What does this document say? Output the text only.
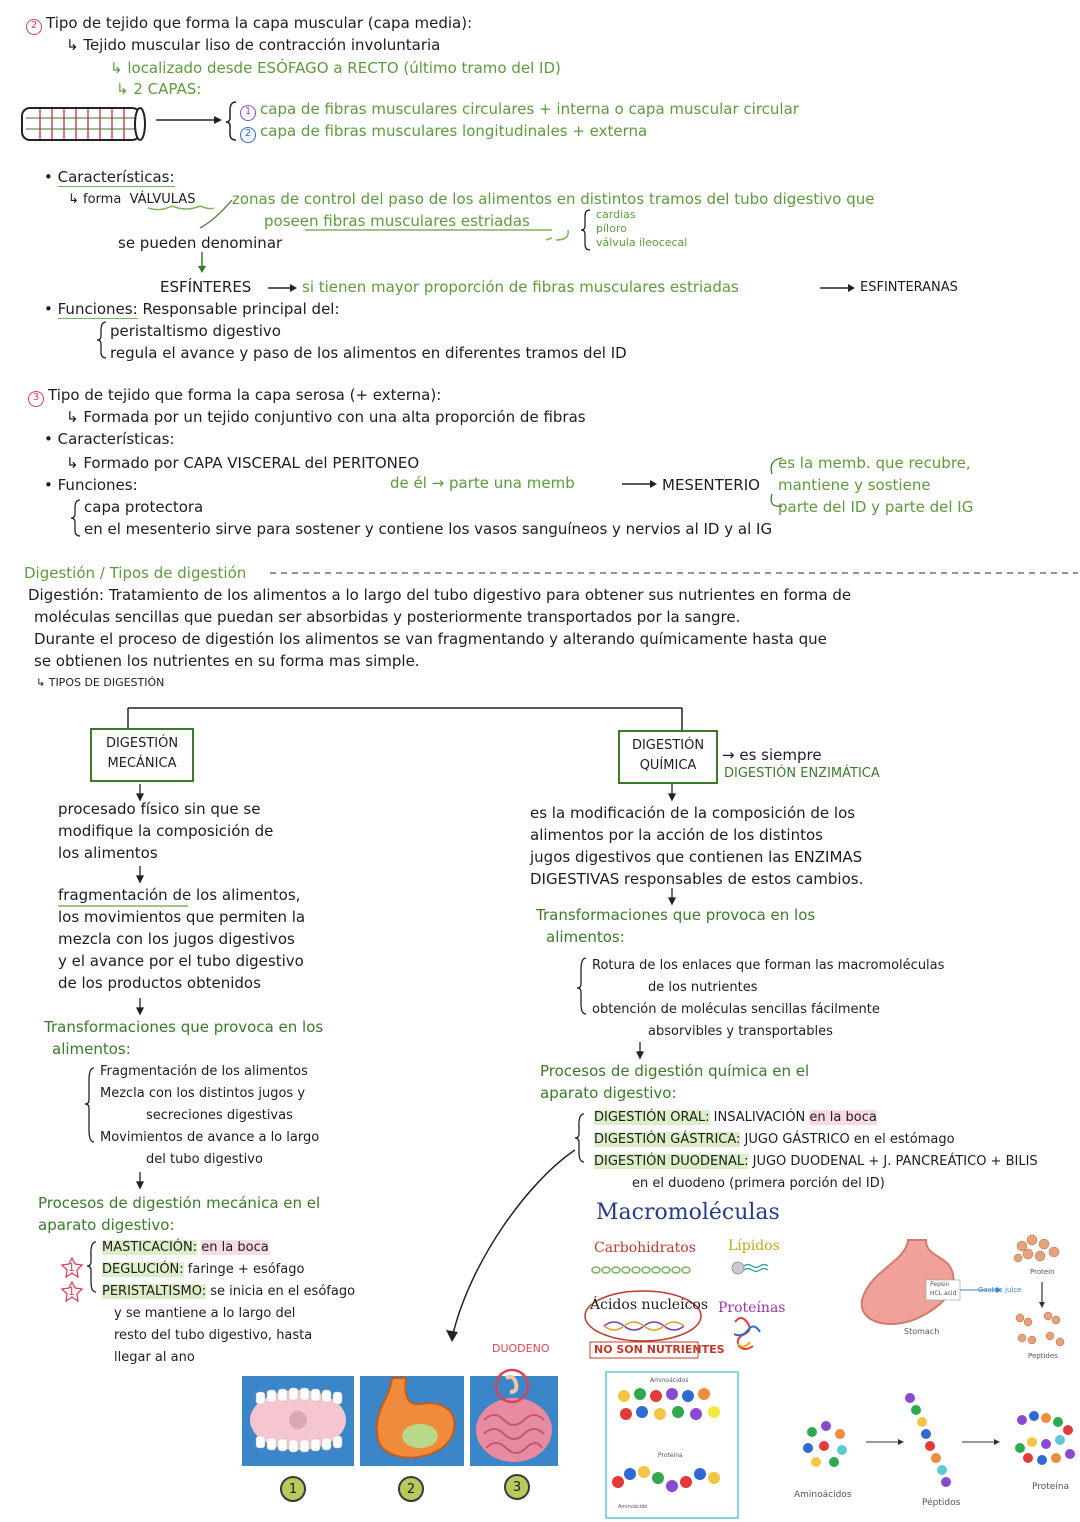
2 Tipo de tejido que forma la capa muscular (capa media):
↳ Tejido muscular liso de contracción involuntaria
↳ localizado desde ESÓFAGO a RECTO (último tramo del ID)
↳ 2 CAPAS:
1 capa de fibras musculares circulares + interna o capa muscular circular
2 capa de fibras musculares longitudinales + externa
• Características:
↳ forma VÁLVULAS zonas de control del paso de los alimentos en distintos tramos del tubo digestivo que
poseen fibras musculares estriadas	cardias
píloro
válvula ileocecal
se pueden denominar
ESFÍNTERES	si tienen mayor proporción de fibras musculares estriadas	ESFINTERANAS
• Funciones: Responsable principal del:
peristaltismo digestivo
regula el avance y paso de los alimentos en diferentes tramos del ID
3 Tipo de tejido que forma la capa serosa (+ externa):
↳ Formada por un tejido conjuntivo con una alta proporción de fibras
• Características:
↳ Formado por CAPA VISCERAL del PERITONEO
de él → parte una memb	MESENTERIO
es la memb. que recubre,
mantiene y sostiene
parte del ID y parte del IG
• Funciones:
capa protectora
en el mesenterio sirve para sostener y contiene los vasos sanguíneos y nervios al ID y al IG
Digestión / Tipos de digestión
Digestión: Tratamiento de los alimentos a lo largo del tubo digestivo para obtener sus nutrientes en forma de
moléculas sencillas que puedan ser absorbidas y posteriormente transportados por la sangre.
Durante el proceso de digestión los alimentos se van fragmentando y alterando químicamente hasta que
se obtienen los nutrientes en su forma mas simple.
↳ TIPOS DE DIGESTIÓN
DIGESTIÓN
MECÁNICA
DIGESTIÓN
QUÍMICA
→ es siempre
DIGESTIÓN ENZIMÁTICA
procesado físico sin que se
modifique la composición de
los alimentos
fragmentación de los alimentos,
los movimientos que permiten la
mezcla con los jugos digestivos
y el avance por el tubo digestivo
de los productos obtenidos
Transformaciones que provoca en los
alimentos:
Fragmentación de los alimentos
Mezcla con los distintos jugos y
secreciones digestivas
Movimientos de avance a lo largo
del tubo digestivo
Procesos de digestión mecánica en el
aparato digestivo:
MASTICACIÓN: en la boca
DEGLUCIÓN: faringe + esófago
PERISTALTISMO: se inicia en el esófago
y se mantiene a lo largo del
resto del tubo digestivo, hasta
llegar al ano
1
1
es la modificación de la composición de los
alimentos por la acción de los distintos
jugos digestivos que contienen las ENZIMAS
DIGESTIVAS responsables de estos cambios.
Transformaciones que provoca en los
alimentos:
Rotura de los enlaces que forman las macromoléculas
de los nutrientes
obtención de moléculas sencillas fácilmente
absorvibles y transportables
Procesos de digestión química en el
aparato digestivo:
DIGESTIÓN ORAL: INSALIVACIÓN en la boca
DIGESTIÓN GÁSTRICA: JUGO GÁSTRICO en el estómago
DIGESTIÓN DUODENAL: JUGO DUODENAL + J. PANCREÁTICO + BILIS
en el duodeno (primera porción del ID)
DUODENO
1	2	3
Macromoléculas
Carbohidratos Lípidos
Ácidos nucleicos Proteínas
NO SON NUTRIENTES
Stomach
Pepsin
HCL acid	Gastric juice
Protein
Peptides
Aminoácidos
Proteína
Aminoácido
Aminoácidos
Péptidos
Proteína
